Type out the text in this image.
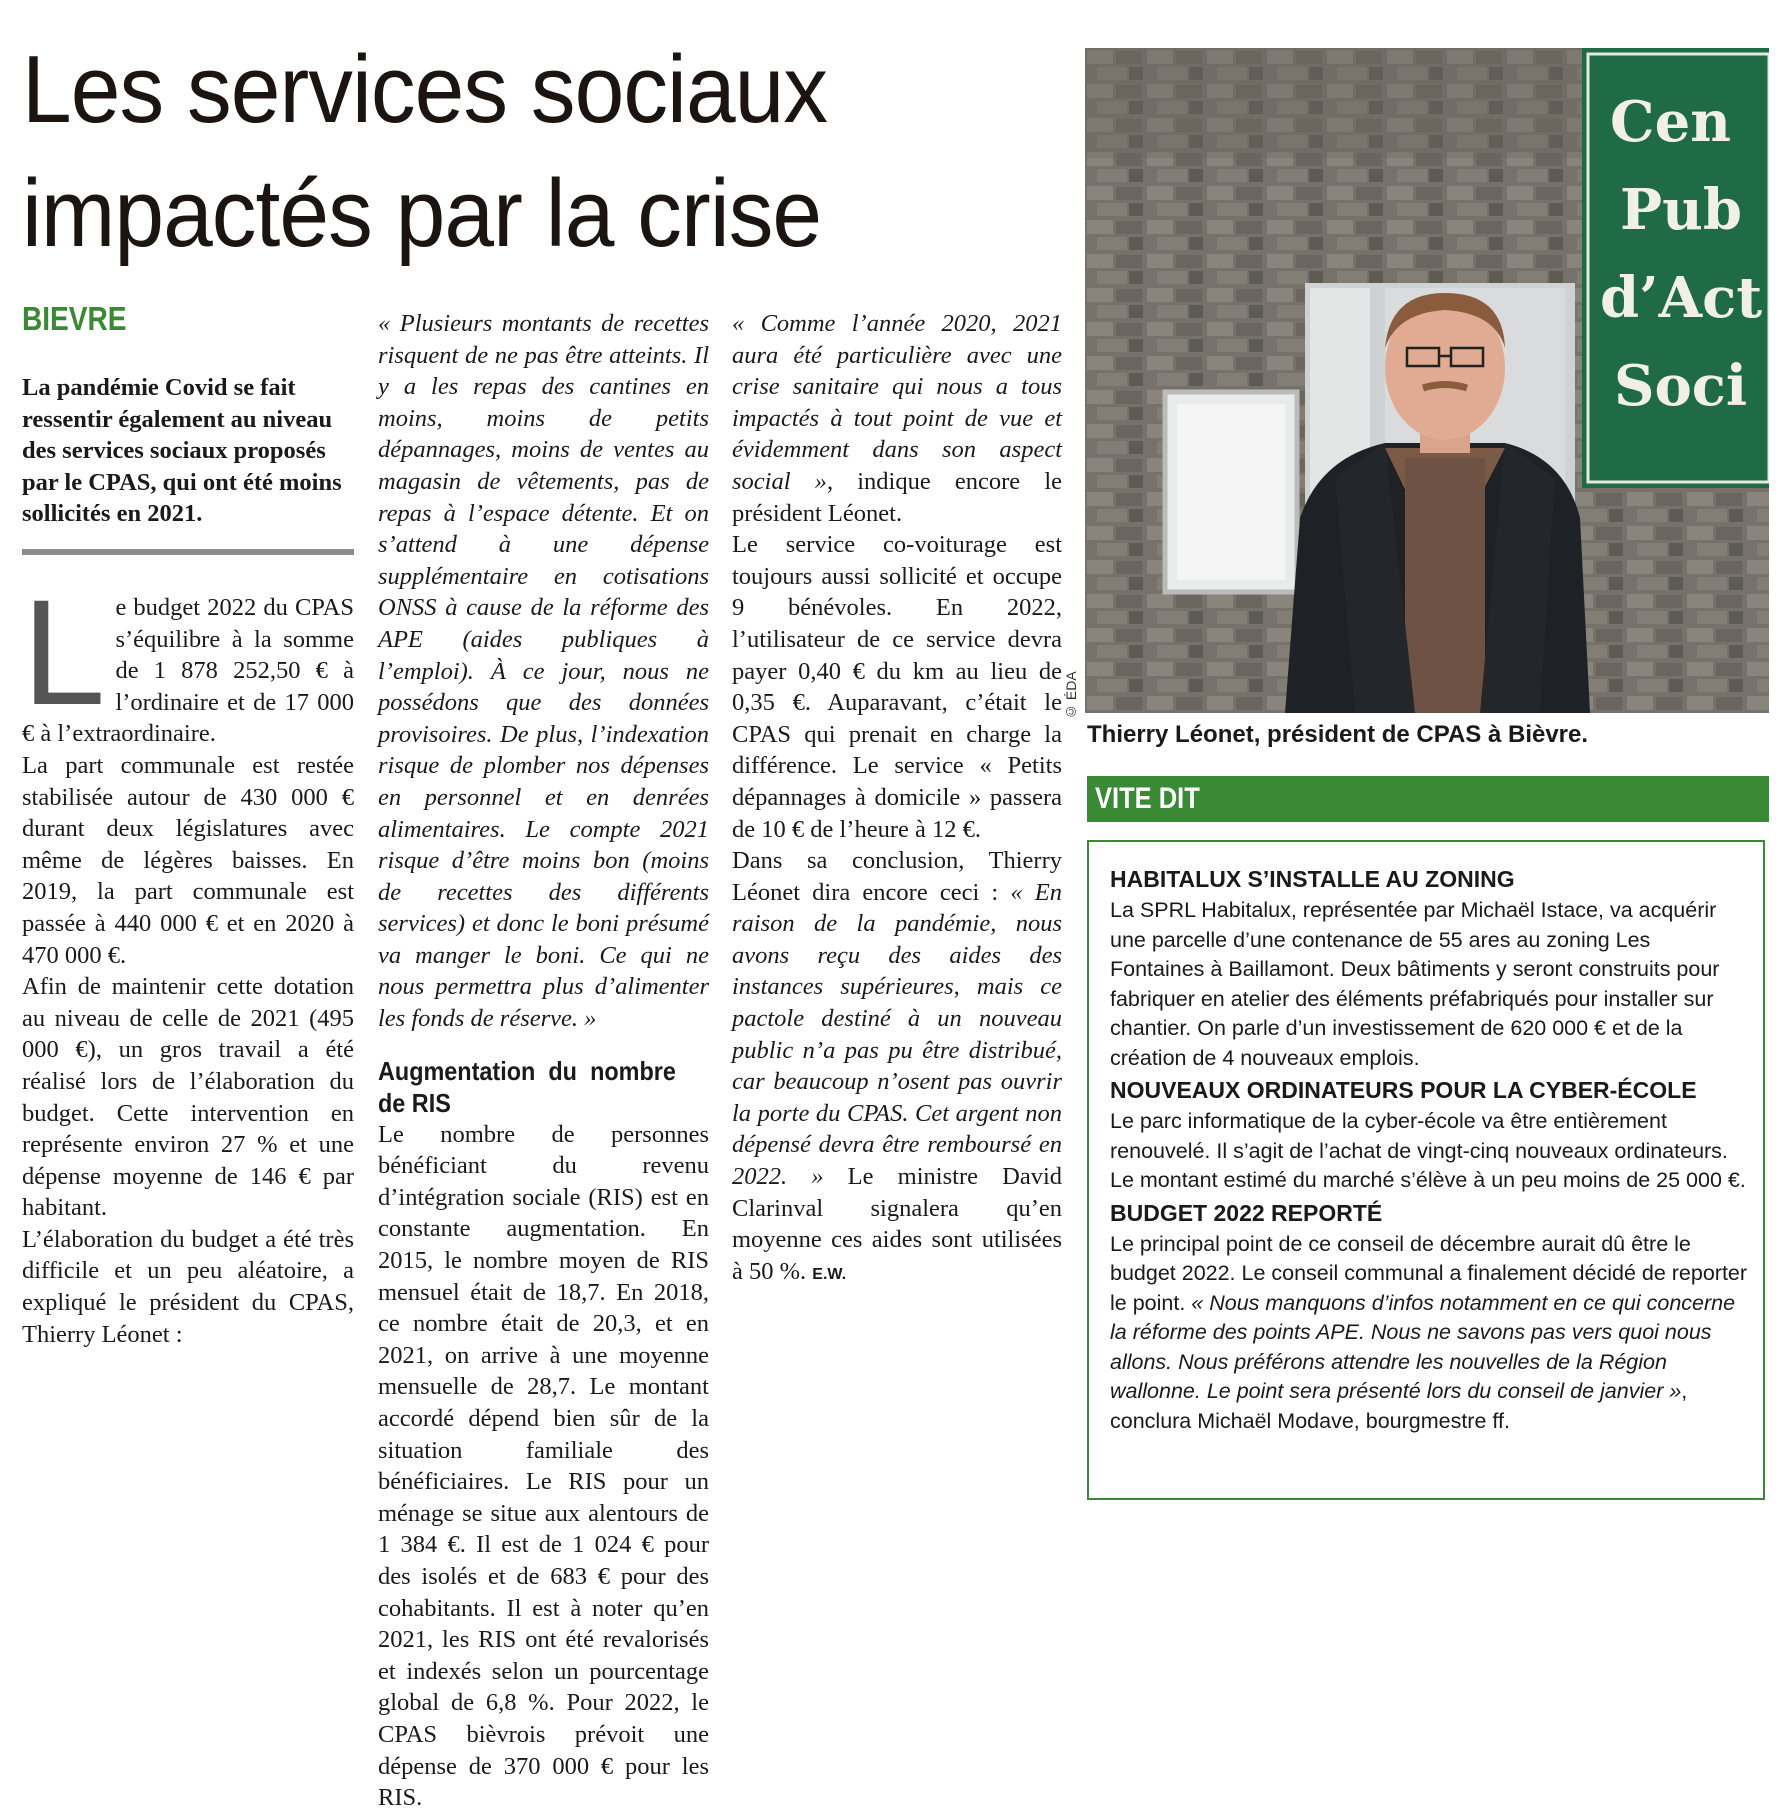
Les services sociaux
impactés par la crise
BIEVRE
La pandémie Covid se fait ressentir également au niveau des services sociaux proposés par le CPAS, qui ont été moins sollicités en 2021.
L e budget 2022 du CPAS s’équilibre à la somme de 1 878 252,50 € à l’ordinaire et de 17 000 € à l’extraordinaire.

La part communale est restée stabilisée autour de 430 000 € durant deux législatures avec même de légères baisses. En 2019, la part communale est passée à 440 000 € et en 2020 à 470 000 €.

Afin de maintenir cette dotation au niveau de celle de 2021 (495 000 €), un gros travail a été réalisé lors de l’élaboration du budget. Cette intervention en représente environ 27 % et une dépense moyenne de 146 € par habitant.

L’élaboration du budget a été très difficile et un peu aléatoire, a expliqué le président du CPAS, Thierry Léonet :

« Plusieurs montants de recettes risquent de ne pas être atteints. Il y a les repas des cantines en moins, moins de petits dépannages, moins de ventes au magasin de vêtements, pas de repas à l’espace détente. Et on s’attend à une dépense supplémentaire en cotisations ONSS à cause de la réforme des APE (aides publiques à l’emploi). À ce jour, nous ne possédons que des données provisoires. De plus, l’indexation risque de plomber nos dépenses en personnel et en denrées alimentaires. Le compte 2021 risque d’être moins bon (moins de recettes des différents services) et donc le boni présumé va manger le boni. Ce qui ne nous permettra plus d’alimenter les fonds de réserve. »

Augmentation du nombre de RIS

Le nombre de personnes bénéficiant du revenu d’intégration sociale (RIS) est en constante augmentation. En 2015, le nombre moyen de RIS mensuel était de 18,7. En 2018, ce nombre était de 20,3, et en 2021, on arrive à une moyenne mensuelle de 28,7. Le montant accordé dépend bien sûr de la situation familiale des bénéficiaires. Le RIS pour un ménage se situe aux alentours de 1 384 €. Il est de 1 024 € pour des isolés et de 683 € pour des cohabitants. Il est à noter qu’en 2021, les RIS ont été revalorisés et indexés selon un pourcentage global de 6,8 %. Pour 2022, le CPAS bièvrois prévoit une dépense de 370 000 € pour les RIS.

« Comme l’année 2020, 2021 aura été particulière avec une crise sanitaire qui nous a tous impactés à tout point de vue et évidemment dans son aspect social », indique encore le président Léonet.

Le service co-voiturage est toujours aussi sollicité et occupe 9 bénévoles. En 2022, l’utilisateur de ce service devra payer 0,40 € du km au lieu de 0,35 €. Auparavant, c’était le CPAS qui prenait en charge la différence. Le service « Petits dépannages à domicile » passera de 10 € de l’heure à 12 €.

Dans sa conclusion, Thierry Léonet dira encore ceci : « En raison de la pandémie, nous avons reçu des aides des instances supérieures, mais ce pactole destiné à un nouveau public n’a pas pu être distribué, car beaucoup n’osent pas ouvrir la porte du CPAS. Cet argent non dépensé devra être remboursé en 2022. » Le ministre David Clarinval signalera qu’en moyenne ces aides sont utilisées à 50 %. E.W.

Cen
Pub
d’Act
Soci
© ÉDA
Thierry Léonet, président de CPAS à Bièvre.
VITE DIT
HABITALUX S’INSTALLE AU ZONING

La SPRL Habitalux, représentée par Michaël Istace, va acquérir une parcelle d’une contenance de 55 ares au zoning Les Fontaines à Baillamont. Deux bâtiments y seront construits pour fabriquer en atelier des éléments préfabriqués pour installer sur chantier. On parle d’un investissement de 620 000 € et de la création de 4 nouveaux emplois.

NOUVEAUX ORDINATEURS POUR LA CYBER-ÉCOLE

Le parc informatique de la cyber-école va être entièrement renouvelé. Il s’agit de l’achat de vingt-cinq nouveaux ordinateurs. Le montant estimé du marché s’élève à un peu moins de 25 000 €.

BUDGET 2022 REPORTÉ

Le principal point de ce conseil de décembre aurait dû être le budget 2022. Le conseil communal a finalement décidé de reporter le point. « Nous manquons d’infos notamment en ce qui concerne la réforme des points APE. Nous ne savons pas vers quoi nous allons. Nous préférons attendre les nouvelles de la Région wallonne. Le point sera présenté lors du conseil de janvier », conclura Michaël Modave, bourgmestre ff.
